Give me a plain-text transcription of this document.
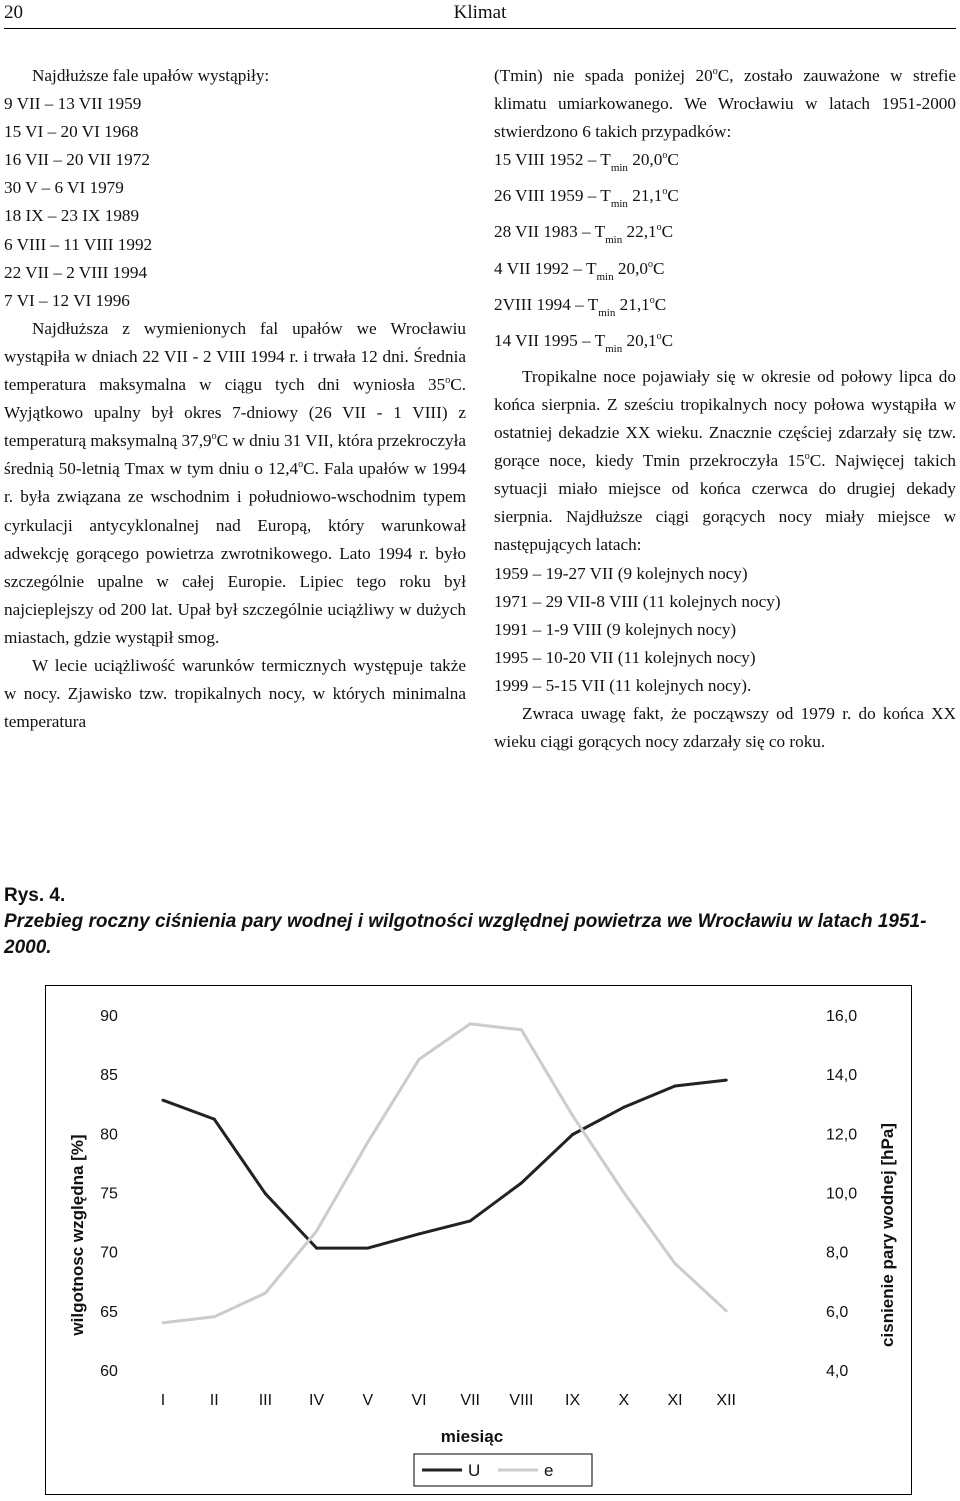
20	Klimat

Najdłuższe fale upałów wystąpiły:

9 VII – 13 VII 1959

15 VI – 20 VI 1968

16 VII – 20 VII 1972

30 V – 6 VI 1979

18 IX – 23 IX 1989

6 VIII – 11 VIII 1992

22 VII – 2 VIII 1994

7 VI – 12 VI 1996

Najdłuższa z wymienionych fal upałów we Wrocławiu wystąpiła w dniach 22 VII - 2 VIII 1994 r. i trwała 12 dni. Średnia temperatura maksymalna w ciągu tych dni wyniosła 35$^o$C. Wyjątkowo upalny był okres 7-dniowy (26 VII - 1 VIII) z temperaturą maksymalną 37,9$^o$C w dniu 31 VII, która przekroczyła średnią 50-letnią Tmax w tym dniu o 12,4$^o$C. Fala upałów w 1994 r. była związana ze wschodnim i południowo-wschodnim typem cyrkulacji antycyklonalnej nad Europą, który warunkował adwekcję gorącego powietrza zwrotnikowego. Lato 1994 r. było szczególnie upalne w całej Europie. Lipiec tego roku był najcieplejszy od 200 lat. Upał był szczególnie uciążliwy w dużych miastach, gdzie wystąpił smog.

W lecie uciążliwość warunków termicznych występuje także w nocy. Zjawisko tzw. tropikalnych nocy, w których minimalna temperatura

(Tmin) nie spada poniżej 20$^o$C, zostało zauważone w strefie klimatu umiarkowanego. We Wrocławiu w latach 1951-2000 stwierdzono 6 takich przypadków:

15 VIII $1952 - T_{min}$ 20,0$^o$C

26 VIII $1959 - T_{min}$ 21,1$^o$C

28 VII $1983 - T_{min}$ 22,1$^o$C

4 VII $1992 - T_{min}$ 20,0$^o$C

2VIII $1994 - T_{min}$ 21,1$^o$C

14 VII $1995 - T_{min}$ 20,1$^o$C

Tropikalne noce pojawiały się w okresie od połowy lipca do końca sierpnia. Z sześciu tropikalnych nocy połowa wystąpiła w ostatniej dekadzie XX wieku. Znacznie częściej zdarzały się tzw. gorące noce, kiedy Tmin przekroczyła 15$^o$C. Najwięcej takich sytuacji miało miejsce od końca czerwca do drugiej dekady sierpnia. Najdłuższe ciągi gorących nocy miały miejsce w następujących latach:

1959 – 19-27 VII (9 kolejnych nocy)

1971 – 29 VII-8 VIII (11 kolejnych nocy)

1991 – 1-9 VIII (9 kolejnych nocy)

1995 – 10-20 VII (11 kolejnych nocy)

1999 – 5-15 VII (11 kolejnych nocy).

Zwraca uwagę fakt, że począwszy od 1979 r. do końca XX wieku ciągi gorących nocy zdarzały się co roku.

Rys. 4.
Przebieg roczny ciśnienia pary wodnej i wilgotności względnej powietrza we Wrocławiu w latach 1951-2000.
60
65
70
75
80
85
90
4,0
6,0
8,0
10,0
12,0
14,0
16,0
I	II	III IV V VI VII VIII IX X XI XII
wilgotnosc względna [%]	cisnienie pary wodnej [hPa]
miesiąc
U	e
